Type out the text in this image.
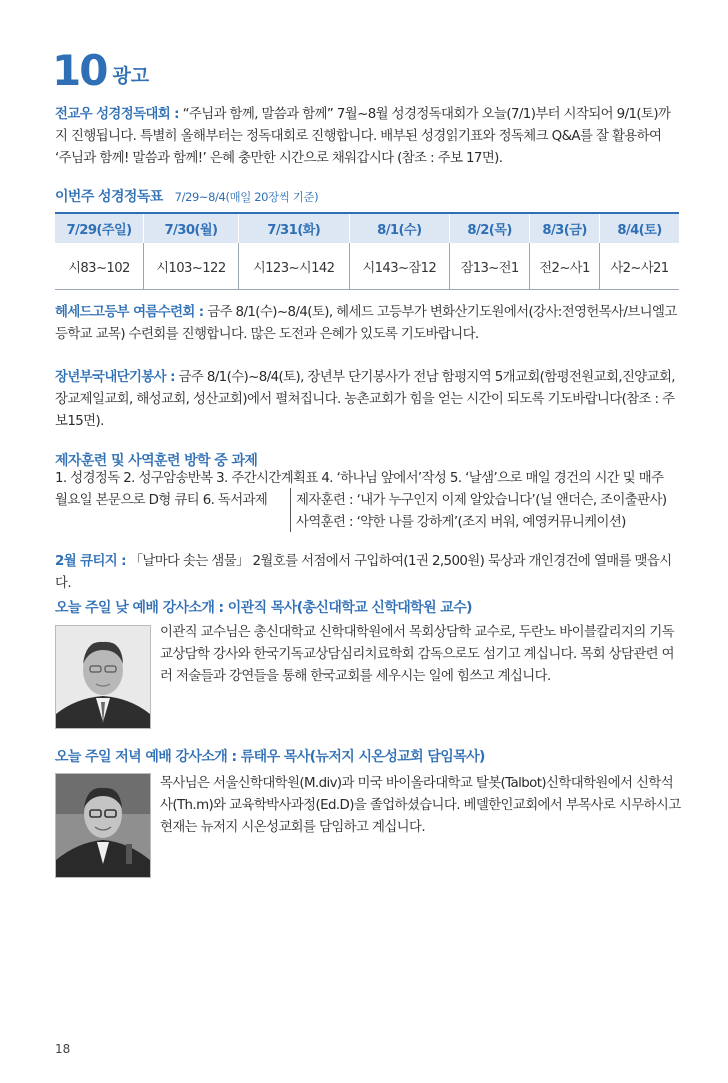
10 광고
전교우 성경정독대회 : “주님과 함께, 말씀과 함께” 7월~8월 성경정독대회가 오늘(7/1)부터 시작되어 9/1(토)까지 진행됩니다. 특별히 올해부터는 정독대회로 진행합니다. 배부된 성경읽기표와 정독체크 Q&A를 잘 활용하여 ‘주님과 함께! 말씀과 함께!’ 은혜 충만한 시간으로 채워갑시다 (참조 : 주보 17면).
이번주 성경정독표 7/29~8/4(매일 20장씩 기준)
7/29(주일)	7/30(월)	7/31(화)	8/1(수)	8/2(목)	8/3(금)	8/4(토)
시83~102	시103~122	시123~시142	시143~잠12	잠13~전1	전2~사1	사2~사21
헤세드고등부 여름수련회 : 금주 8/1(수)~8/4(토), 헤세드 고등부가 변화산기도원에서(강사:전영헌목사/브니엘고등학교 교목) 수련회를 진행합니다. 많은 도전과 은혜가 있도록 기도바랍니다.
장년부국내단기봉사 : 금주 8/1(수)~8/4(토), 장년부 단기봉사가 전남 함평지역 5개교회(함평전원교회,진양교회, 장교제일교회, 해성교회, 성산교회)에서 펼쳐집니다. 농촌교회가 힘을 얻는 시간이 되도록 기도바랍니다(참조 : 주보15면).
제자훈련 및 사역훈련 방학 중 과제
1. 성경정독 2. 성구암송반복 3. 주간시간계획표 4. ‘하나님 앞에서’작성 5. ‘날샘’으로 매일 경건의 시간 및 매주
월요일 본문으로 D형 큐티 6. 독서과제 제자훈련 : ‘내가 누구인지 이제 알았습니다’(닐 앤더슨, 조이출판사)
사역훈련 : ‘약한 나를 강하게’(조지 버워, 예영커뮤니케이션)
2월 큐티지 : 「날마다 솟는 샘물」 2월호를 서점에서 구입하여(1권 2,500원) 묵상과 개인경건에 열매를 맺읍시다.
오늘 주일 낮 예배 강사소개 : 이관직 목사(총신대학교 신학대학원 교수)
이관직 교수님은 총신대학교 신학대학원에서 목회상담학 교수로, 두란노 바이블칼리지의 기독교상담학 강사와 한국기독교상담심리치료학회 감독으로도 섬기고 계십니다. 목회 상담관련 여러 저술들과 강연들을 통해 한국교회를 세우시는 일에 힘쓰고 계십니다.
오늘 주일 저녁 예배 강사소개 : 류태우 목사(뉴저지 시온성교회 담임목사)
목사님은 서울신학대학원(M.div)과 미국 바이올라대학교 탈봇(Talbot)신학대학원에서 신학석사(Th.m)와 교육학박사과정(Ed.D)을 졸업하셨습니다. 베델한인교회에서 부목사로 시무하시고 현재는 뉴저지 시온성교회를 담임하고 계십니다.
18
